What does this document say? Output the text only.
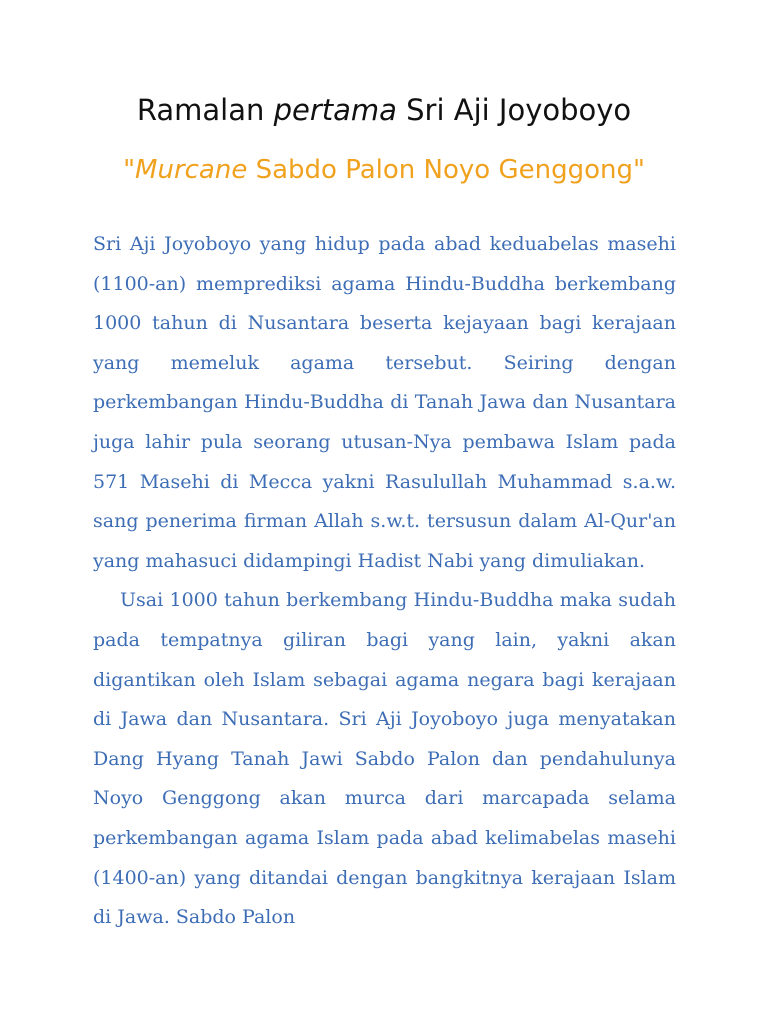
Ramalan pertama Sri Aji Joyoboyo
"Murcane Sabdo Palon Noyo Genggong"

Sri Aji Joyoboyo yang hidup pada abad keduabelas masehi (1100-an) memprediksi agama Hindu-Buddha berkembang 1000 tahun di Nusantara beserta kejayaan bagi kerajaan yang memeluk agama tersebut. Seiring dengan perkembangan Hindu-Buddha di Tanah Jawa dan Nusantara juga lahir pula seorang utusan-Nya pembawa Islam pada 571 Masehi di Mecca yakni Rasulullah Muhammad s.a.w. sang penerima firman Allah s.w.t. tersusun dalam Al-Qur'an yang mahasuci didampingi Hadist Nabi yang dimuliakan.

Usai 1000 tahun berkembang Hindu-Buddha maka sudah pada tempatnya giliran bagi yang lain, yakni akan digantikan oleh Islam sebagai agama negara bagi kerajaan di Jawa dan Nusantara. Sri Aji Joyoboyo juga menyatakan Dang Hyang Tanah Jawi Sabdo Palon dan pendahulunya Noyo Genggong akan murca dari marcapada selama perkembangan agama Islam pada abad kelimabelas masehi (1400-an) yang ditandai dengan bangkitnya kerajaan Islam di Jawa. Sabdo Palon
